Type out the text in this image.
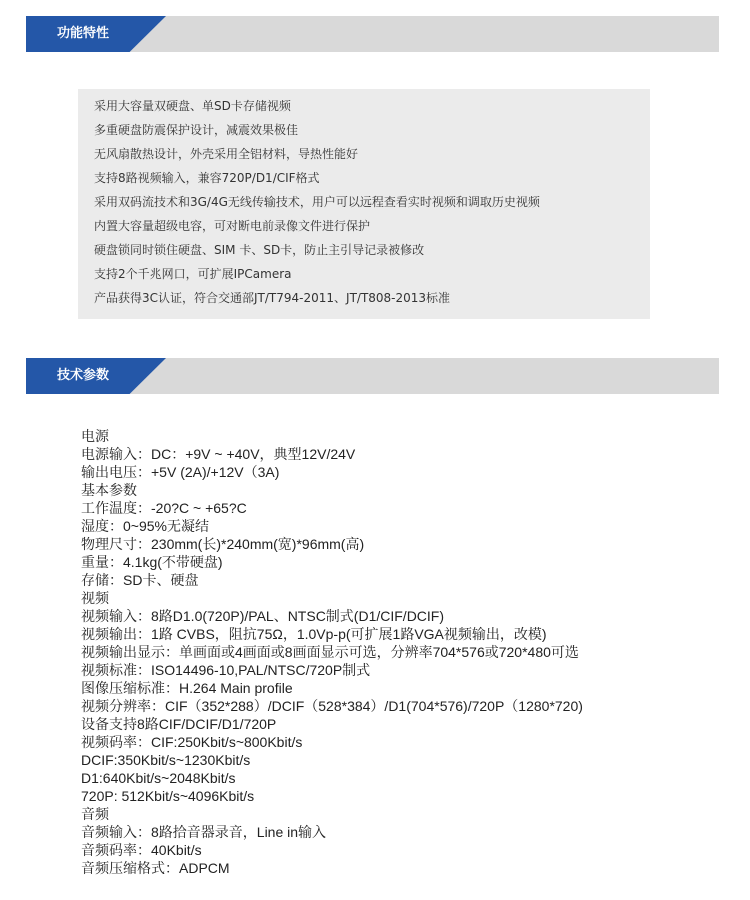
功能特性
采用大容量双硬盘、单SD卡存储视频
多重硬盘防震保护设计，减震效果极佳
无风扇散热设计，外壳采用全铝材料，导热性能好
支持8路视频输入，兼容720P/D1/CIF格式
采用双码流技术和3G/4G无线传输技术，用户可以远程查看实时视频和调取历史视频
内置大容量超级电容，可对断电前录像文件进行保护
硬盘锁同时锁住硬盘、SIM 卡、SD卡，防止主引导记录被修改
支持2个千兆网口，可扩展IPCamera
产品获得3C认证，符合交通部JT/T794-2011、JT/T808-2013标准
技术参数
电源
电源输入：DC：+9V ~ +40V，典型12V/24V
输出电压：+5V (2A)/+12V（3A)
基本参数
工作温度：-20?C ~ +65?C
湿度：0~95%无凝结
物理尺寸：230mm(长)*240mm(宽)*96mm(高)
重量：4.1kg(不带硬盘)
存储：SD卡、硬盘
视频
视频输入：8路D1.0(720P)/PAL、NTSC制式(D1/CIF/DCIF)
视频输出：1路 CVBS，阻抗75Ω，1.0Vp-p(可扩展1路VGA视频输出，改模)
视频输出显示：单画面或4画面或8画面显示可选，分辨率704*576或720*480可选
视频标准：ISO14496-10,PAL/NTSC/720P制式
图像压缩标准：H.264 Main profile
视频分辨率：CIF（352*288）/DCIF（528*384）/D1(704*576)/720P（1280*720)
设备支持8路CIF/DCIF/D1/720P
视频码率：CIF:250Kbit/s~800Kbit/s
DCIF:350Kbit/s~1230Kbit/s
D1:640Kbit/s~2048Kbit/s
720P: 512Kbit/s~4096Kbit/s
音频
音频输入：8路拾音器录音，Line in输入
音频码率：40Kbit/s
音频压缩格式：ADPCM
